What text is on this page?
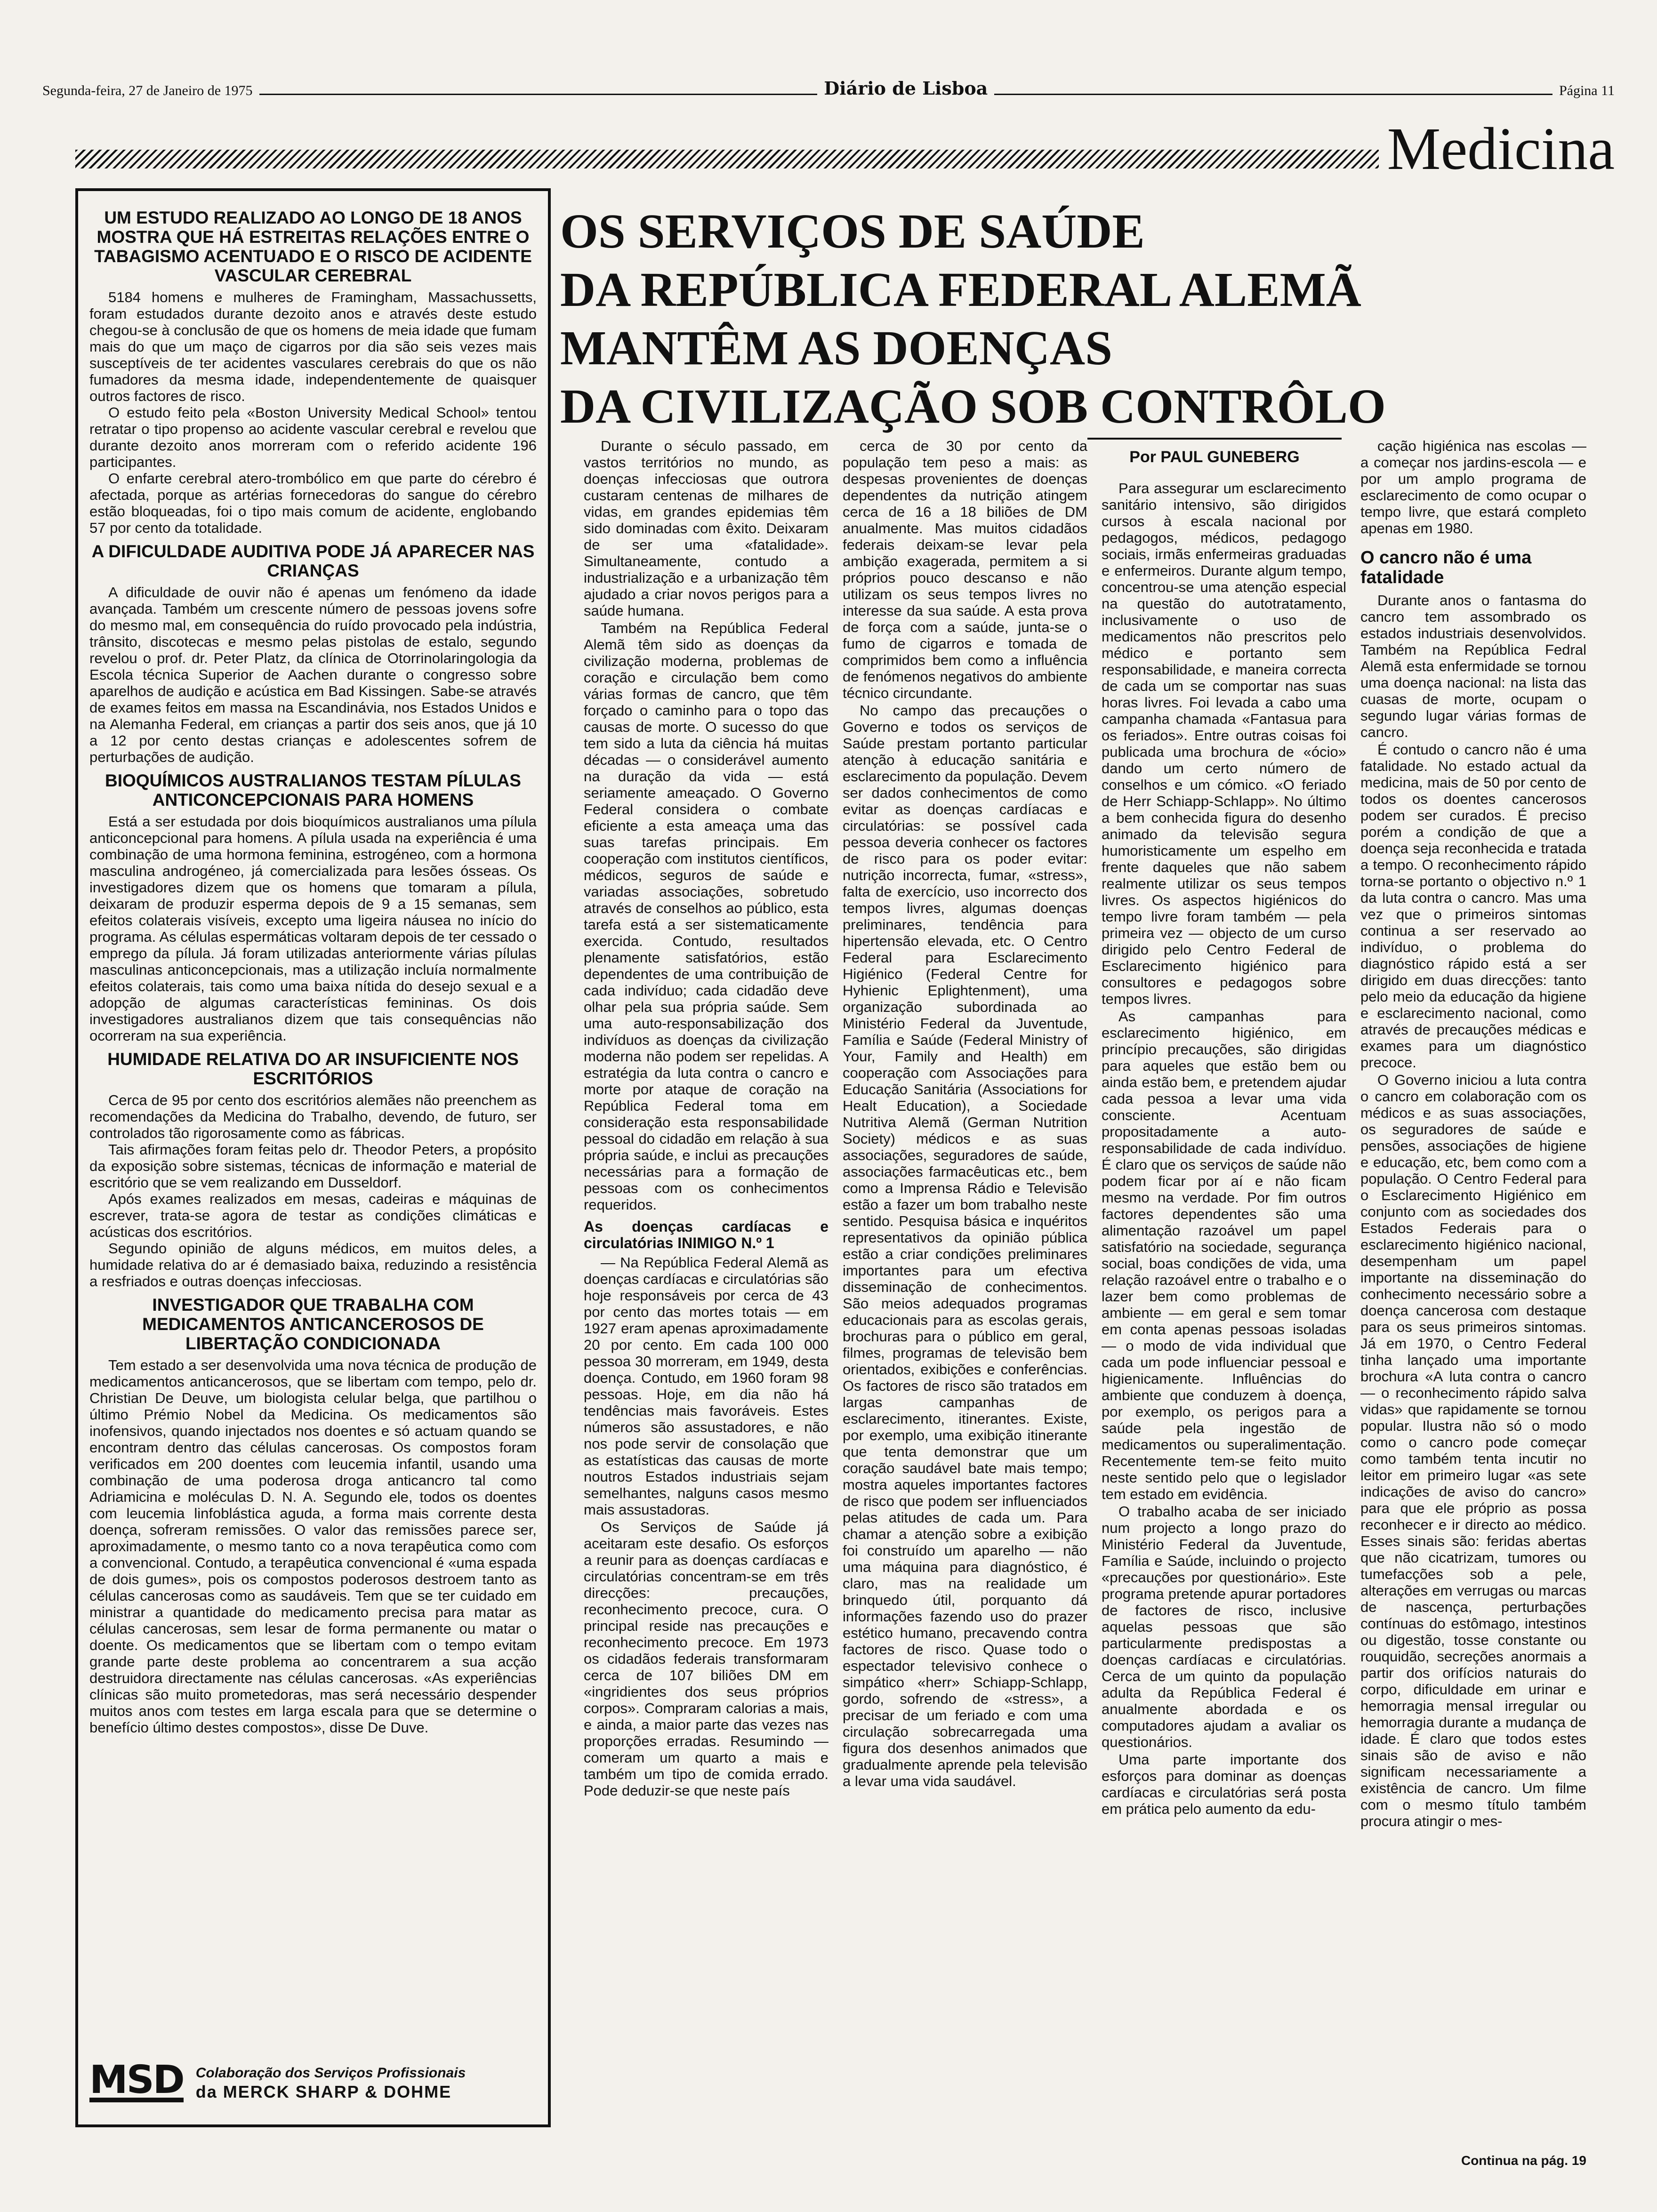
Segunda-feira, 27 de Janeiro de 1975	Diário de Lisboa	Página 11
Medicina
UM ESTUDO REALIZADO AO LONGO DE 18 ANOS MOSTRA QUE HÁ ESTREITAS RELAÇÕES ENTRE O TABAGISMO ACENTUADO E O RISCO DE ACIDENTE VASCULAR CEREBRAL

5184 homens e mulheres de Framingham, Massachussetts, foram estudados durante dezoito anos e através deste estudo chegou-se à conclusão de que os homens de meia idade que fumam mais do que um maço de cigarros por dia são seis vezes mais susceptíveis de ter acidentes vasculares cerebrais do que os não fumadores da mesma idade, independentemente de quaisquer outros factores de risco.

O estudo feito pela «Boston University Medical School» tentou retratar o tipo propenso ao acidente vascular cerebral e revelou que durante dezoito anos morreram com o referido acidente 196 participantes.

O enfarte cerebral atero-trombólico em que parte do cérebro é afectada, porque as artérias fornecedoras do sangue do cérebro estão bloqueadas, foi o tipo mais comum de acidente, englobando 57 por cento da totalidade.

A DIFICULDADE AUDITIVA PODE JÁ APARECER NAS CRIANÇAS

A dificuldade de ouvir não é apenas um fenómeno da idade avançada. Também um crescente número de pessoas jovens sofre do mesmo mal, em consequência do ruído provocado pela indústria, trânsito, discotecas e mesmo pelas pistolas de estalo, segundo revelou o prof. dr. Peter Platz, da clínica de Otorrinolaringologia da Escola técnica Superior de Aachen durante o congresso sobre aparelhos de audição e acústica em Bad Kissingen. Sabe-se através de exames feitos em massa na Escandinávia, nos Estados Unidos e na Alemanha Federal, em crianças a partir dos seis anos, que já 10 a 12 por cento destas crianças e adolescentes sofrem de perturbações de audição.

BIOQUÍMICOS AUSTRALIANOS TESTAM PÍLULAS ANTICONCEPCIONAIS PARA HOMENS

Está a ser estudada por dois bioquímicos australianos uma pílula anticoncepcional para homens. A pílula usada na experiência é uma combinação de uma hormona feminina, estrogéneo, com a hormona masculina androgéneo, já comercializada para lesões ósseas. Os investigadores dizem que os homens que tomaram a pílula, deixaram de produzir esperma depois de 9 a 15 semanas, sem efeitos colaterais visíveis, excepto uma ligeira náusea no início do programa. As células espermáticas voltaram depois de ter cessado o emprego da pílula. Já foram utilizadas anteriormente várias pílulas masculinas anticoncepcionais, mas a utilização incluía normalmente efeitos colaterais, tais como uma baixa nítida do desejo sexual e a adopção de algumas características femininas. Os dois investigadores australianos dizem que tais consequências não ocorreram na sua experiência.

HUMIDADE RELATIVA DO AR INSUFICIENTE NOS ESCRITÓRIOS

Cerca de 95 por cento dos escritórios alemães não preenchem as recomendações da Medicina do Trabalho, devendo, de futuro, ser controlados tão rigorosamente como as fábricas.

Tais afirmações foram feitas pelo dr. Theodor Peters, a propósito da exposição sobre sistemas, técnicas de informação e material de escritório que se vem realizando em Dusseldorf.

Após exames realizados em mesas, cadeiras e máquinas de escrever, trata-se agora de testar as condições climáticas e acústicas dos escritórios.

Segundo opinião de alguns médicos, em muitos deles, a humidade relativa do ar é demasiado baixa, reduzindo a resistência a resfriados e outras doenças infecciosas.

INVESTIGADOR QUE TRABALHA COM MEDICAMENTOS ANTICANCEROSOS DE LIBERTAÇÃO CONDICIONADA

Tem estado a ser desenvolvida uma nova técnica de produção de medicamentos anticancerosos, que se libertam com tempo, pelo dr. Christian De Deuve, um biologista celular belga, que partilhou o último Prémio Nobel da Medicina. Os medicamentos são inofensivos, quando injectados nos doentes e só actuam quando se encontram dentro das células cancerosas. Os compostos foram verificados em 200 doentes com leucemia infantil, usando uma combinação de uma poderosa droga anticancro tal como Adriamicina e moléculas D. N. A. Segundo ele, todos os doentes com leucemia linfoblástica aguda, a forma mais corrente desta doença, sofreram remissões. O valor das remissões parece ser, aproximadamente, o mesmo tanto co a nova terapêutica como com a convencional. Contudo, a terapêutica convencional é «uma espada de dois gumes», pois os compostos poderosos destroem tanto as células cancerosas como as saudáveis. Tem que se ter cuidado em ministrar a quantidade do medicamento precisa para matar as células cancerosas, sem lesar de forma permanente ou matar o doente. Os medicamentos que se libertam com o tempo evitam grande parte deste problema ao concentrarem a sua acção destruidora directamente nas células cancerosas. «As experiências clínicas são muito prometedoras, mas será necessário despender muitos anos com testes em larga escala para que se determine o benefício último destes compostos», disse De Duve.

MSD Colaboração dos Serviços Profissionais
da MERCK SHARP & DOHME
OS SERVIÇOS DE SAÚDE
DA REPÚBLICA FEDERAL ALEMÃ
MANTÊM AS DOENÇAS
DA CIVILIZAÇÃO SOB CONTRÔLO
Por PAUL GUNEBERG

Durante o século passado, em vastos territórios no mundo, as doenças infecciosas que outrora custaram centenas de milhares de vidas, em grandes epidemias têm sido dominadas com êxito. Deixaram de ser uma «fatalidade». Simultaneamente, contudo a industrialização e a urbanização têm ajudado a criar novos perigos para a saúde humana.

Também na República Federal Alemã têm sido as doenças da civilização moderna, problemas de coração e circulação bem como várias formas de cancro, que têm forçado o caminho para o topo das causas de morte. O sucesso do que tem sido a luta da ciência há muitas décadas — o considerável aumento na duração da vida — está seriamente ameaçado. O Governo Federal considera o combate eficiente a esta ameaça uma das suas tarefas principais. Em cooperação com institutos científicos, médicos, seguros de saúde e variadas associações, sobretudo através de conselhos ao público, esta tarefa está a ser sistematicamente exercida. Contudo, resultados plenamente satisfatórios, estão dependentes de uma contribuição de cada indivíduo; cada cidadão deve olhar pela sua própria saúde. Sem uma auto-responsabilização dos indivíduos as doenças da civilização moderna não podem ser repelidas. A estratégia da luta contra o cancro e morte por ataque de coração na República Federal toma em consideração esta responsabilidade pessoal do cidadão em relação à sua própria saúde, e inclui as precauções necessárias para a formação de pessoas com os conhecimentos requeridos.

As doenças cardíacas e circulatórias INIMIGO N.º 1

— Na República Federal Alemã as doenças cardíacas e circulatórias são hoje responsáveis por cerca de 43 por cento das mortes totais — em 1927 eram apenas aproximadamente 20 por cento. Em cada 100 000 pessoa 30 morreram, em 1949, desta doença. Contudo, em 1960 foram 98 pessoas. Hoje, em dia não há tendências mais favoráveis. Estes números são assustadores, e não nos pode servir de consolação que as estatísticas das causas de morte noutros Estados industriais sejam semelhantes, nalguns casos mesmo mais assustadoras.

Os Serviços de Saúde já aceitaram este desafio. Os esforços a reunir para as doenças cardíacas e circulatórias concentram-se em três direcções: precauções, reconhecimento precoce, cura. O principal reside nas precauções e reconhecimento precoce. Em 1973 os cidadãos federais transformaram cerca de 107 biliões DM em «ingridientes dos seus próprios corpos». Compraram calorias a mais, e ainda, a maior parte das vezes nas proporções erradas. Resumindo — comeram um quarto a mais e também um tipo de comida errado. Pode deduzir-se que neste país

cerca de 30 por cento da população tem peso a mais: as despesas provenientes de doenças dependentes da nutrição atingem cerca de 16 a 18 biliões de DM anualmente. Mas muitos cidadãos federais deixam-se levar pela ambição exagerada, permitem a si próprios pouco descanso e não utilizam os seus tempos livres no interesse da sua saúde. A esta prova de força com a saúde, junta-se o fumo de cigarros e tomada de comprimidos bem como a influência de fenómenos negativos do ambiente técnico circundante.

No campo das precauções o Governo e todos os serviços de Saúde prestam portanto particular atenção à educação sanitária e esclarecimento da população. Devem ser dados conhecimentos de como evitar as doenças cardíacas e circulatórias: se possível cada pessoa deveria conhecer os factores de risco para os poder evitar: nutrição incorrecta, fumar, «stress», falta de exercício, uso incorrecto dos tempos livres, algumas doenças preliminares, tendência para hipertensão elevada, etc. O Centro Federal para Esclarecimento Higiénico (Federal Centre for Hyhienic Eplightenment), uma organização subordinada ao Ministério Federal da Juventude, Família e Saúde (Federal Ministry of Your, Family and Health) em cooperação com Associações para Educação Sanitária (Associations for Healt Education), a Sociedade Nutritiva Alemã (German Nutrition Society) médicos e as suas associações, seguradores de saúde, associações farmacêuticas etc., bem como a Imprensa Rádio e Televisão estão a fazer um bom trabalho neste sentido. Pesquisa básica e inquéritos representativos da opinião pública estão a criar condições preliminares importantes para um efectiva disseminação de conhecimentos. São meios adequados programas educacionais para as escolas gerais, brochuras para o público em geral, filmes, programas de televisão bem orientados, exibições e conferências. Os factores de risco são tratados em largas campanhas de esclarecimento, itinerantes. Existe, por exemplo, uma exibição itinerante que tenta demonstrar que um coração saudável bate mais tempo; mostra aqueles importantes factores de risco que podem ser influenciados pelas atitudes de cada um. Para chamar a atenção sobre a exibição foi construído um aparelho — não uma máquina para diagnóstico, é claro, mas na realidade um brinquedo útil, porquanto dá informações fazendo uso do prazer estético humano, precavendo contra factores de risco. Quase todo o espectador televisivo conhece o simpático «herr» Schiapp-Schlapp, gordo, sofrendo de «stress», a precisar de um feriado e com uma circulação sobrecarregada uma figura dos desenhos animados que gradualmente aprende pela televisão a levar uma vida saudável.

Para assegurar um esclarecimento sanitário intensivo, são dirigidos cursos à escala nacional por pedagogos, médicos, pedagogo sociais, irmãs enfermeiras graduadas e enfermeiros. Durante algum tempo, concentrou-se uma atenção especial na questão do autotratamento, inclusivamente o uso de medicamentos não prescritos pelo médico e portanto sem responsabilidade, e maneira correcta de cada um se comportar nas suas horas livres. Foi levada a cabo uma campanha chamada «Fantasua para os feriados». Entre outras coisas foi publicada uma brochura de «ócio» dando um certo número de conselhos e um cómico. «O feriado de Herr Schiapp-Schlapp». No último a bem conhecida figura do desenho animado da televisão segura humoristicamente um espelho em frente daqueles que não sabem realmente utilizar os seus tempos livres. Os aspectos higiénicos do tempo livre foram também — pela primeira vez — objecto de um curso dirigido pelo Centro Federal de Esclarecimento higiénico para consultores e pedagogos sobre tempos livres.

As campanhas para esclarecimento higiénico, em princípio precauções, são dirigidas para aqueles que estão bem ou ainda estão bem, e pretendem ajudar cada pessoa a levar uma vida consciente. Acentuam propositadamente a auto-responsabilidade de cada indivíduo. É claro que os serviços de saúde não podem ficar por aí e não ficam mesmo na verdade. Por fim outros factores dependentes são uma alimentação razoável um papel satisfatório na sociedade, segurança social, boas condições de vida, uma relação razoável entre o trabalho e o lazer bem como problemas de ambiente — em geral e sem tomar em conta apenas pessoas isoladas — o modo de vida individual que cada um pode influenciar pessoal e higienicamente. Influências do ambiente que conduzem à doença, por exemplo, os perigos para a saúde pela ingestão de medicamentos ou superalimentação. Recentemente tem-se feito muito neste sentido pelo que o legislador tem estado em evidência.

O trabalho acaba de ser iniciado num projecto a longo prazo do Ministério Federal da Juventude, Família e Saúde, incluindo o projecto «precauções por questionário». Este programa pretende apurar portadores de factores de risco, inclusive aquelas pessoas que são particularmente predispostas a doenças cardíacas e circulatórias. Cerca de um quinto da população adulta da República Federal é anualmente abordada e os computadores ajudam a avaliar os questionários.

Uma parte importante dos esforços para dominar as doenças cardíacas e circulatórias será posta em prática pelo aumento da edu-

cação higiénica nas escolas — a começar nos jardins-escola — e por um amplo programa de esclarecimento de como ocupar o tempo livre, que estará completo apenas em 1980.

O cancro não é uma fatalidade

Durante anos o fantasma do cancro tem assombrado os estados industriais desenvolvidos. Também na República Fedral Alemã esta enfermidade se tornou uma doença nacional: na lista das cuasas de morte, ocupam o segundo lugar várias formas de cancro.

É contudo o cancro não é uma fatalidade. No estado actual da medicina, mais de 50 por cento de todos os doentes cancerosos podem ser curados. É preciso porém a condição de que a doença seja reconhecida e tratada a tempo. O reconhecimento rápido torna-se portanto o objectivo n.º 1 da luta contra o cancro. Mas uma vez que o primeiros sintomas continua a ser reservado ao indivíduo, o problema do diagnóstico rápido está a ser dirigido em duas direcções: tanto pelo meio da educação da higiene e esclarecimento nacional, como através de precauções médicas e exames para um diagnóstico precoce.

O Governo iniciou a luta contra o cancro em colaboração com os médicos e as suas associações, os seguradores de saúde e pensões, associações de higiene e educação, etc, bem como com a população. O Centro Federal para o Esclarecimento Higiénico em conjunto com as sociedades dos Estados Federais para o esclarecimento higiénico nacional, desempenham um papel importante na disseminação do conhecimento necessário sobre a doença cancerosa com destaque para os seus primeiros sintomas. Já em 1970, o Centro Federal tinha lançado uma importante brochura «A luta contra o cancro — o reconhecimento rápido salva vidas» que rapidamente se tornou popular. Ilustra não só o modo como o cancro pode começar como também tenta incutir no leitor em primeiro lugar «as sete indicações de aviso do cancro» para que ele próprio as possa reconhecer e ir directo ao médico. Esses sinais são: feridas abertas que não cicatrizam, tumores ou tumefacções sob a pele, alterações em verrugas ou marcas de nascença, perturbações contínuas do estômago, intestinos ou digestão, tosse constante ou rouquidão, secreções anormais a partir dos orifícios naturais do corpo, dificuldade em urinar e hemorragia mensal irregular ou hemorragia durante a mudança de idade. É claro que todos estes sinais são de aviso e não significam necessariamente a existência de cancro. Um filme com o mesmo título também procura atingir o mes-

Continua na pág. 19
